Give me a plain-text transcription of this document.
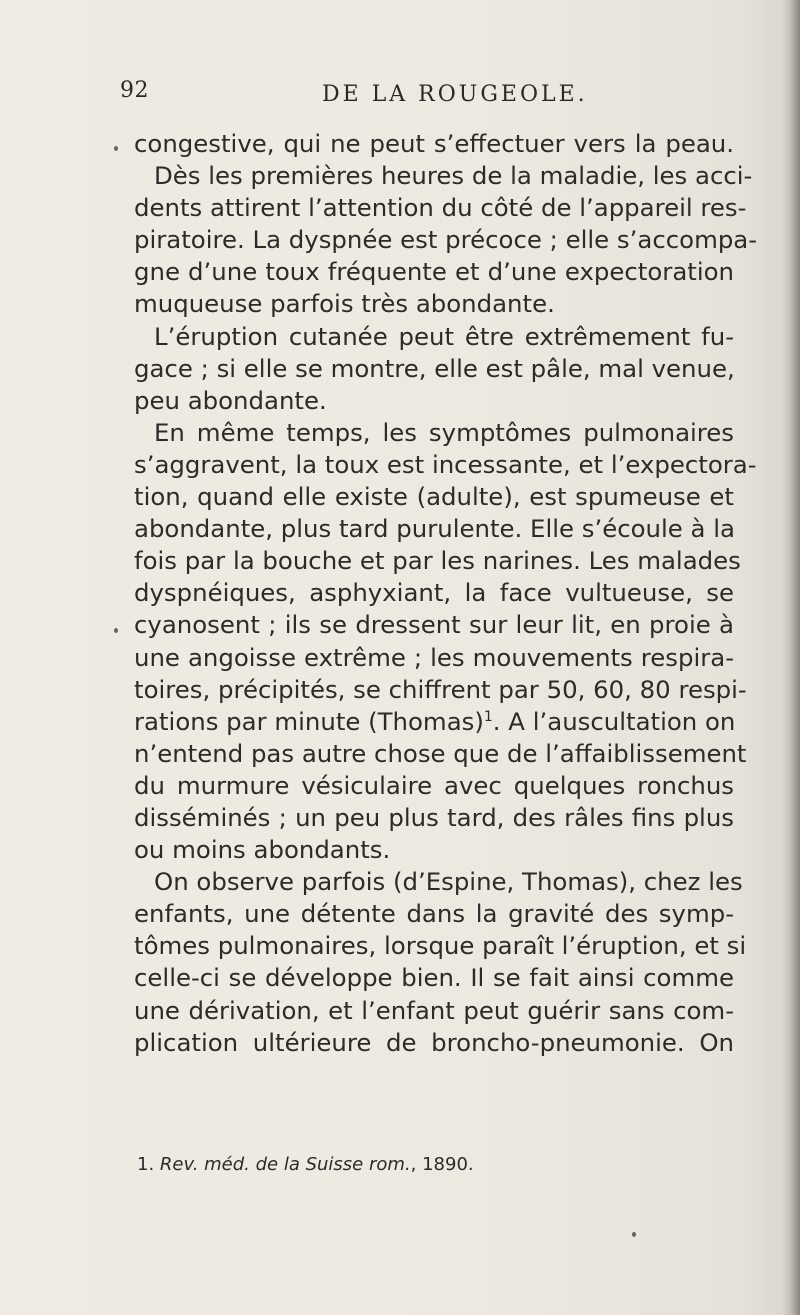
92	DE LA ROUGEOLE.
congestive, qui ne peut s’effectuer vers la peau.
Dès les premières heures de la maladie, les acci-
dents attirent l’attention du côté de l’appareil res-
piratoire. La dyspnée est précoce ; elle s’accompa-
gne d’une toux fréquente et d’une expectoration
muqueuse parfois très abondante.
L’éruption cutanée peut être extrêmement fu-
gace ; si elle se montre, elle est pâle, mal venue,
peu abondante.
En même temps, les symptômes pulmonaires
s’aggravent, la toux est incessante, et l’expectora-
tion, quand elle existe (adulte), est spumeuse et
abondante, plus tard purulente. Elle s’écoule à la
fois par la bouche et par les narines. Les malades
dyspnéiques, asphyxiant, la face vultueuse, se
cyanosent ; ils se dressent sur leur lit, en proie à
une angoisse extrême ; les mouvements respira-
toires, précipités, se chiffrent par 50, 60, 80 respi-
rations par minute (Thomas)$^1$. A l’auscultation on
n’entend pas autre chose que de l’affaiblissement
du murmure vésiculaire avec quelques ronchus
disséminés ; un peu plus tard, des râles fins plus
ou moins abondants.
On observe parfois (d’Espine, Thomas), chez les
enfants, une détente dans la gravité des symp-
tômes pulmonaires, lorsque paraît l’éruption, et si
celle-ci se développe bien. Il se fait ainsi comme
une dérivation, et l’enfant peut guérir sans com-
plication ultérieure de broncho-pneumonie. On
1. Rev. méd. de la Suisse rom., 1890.
